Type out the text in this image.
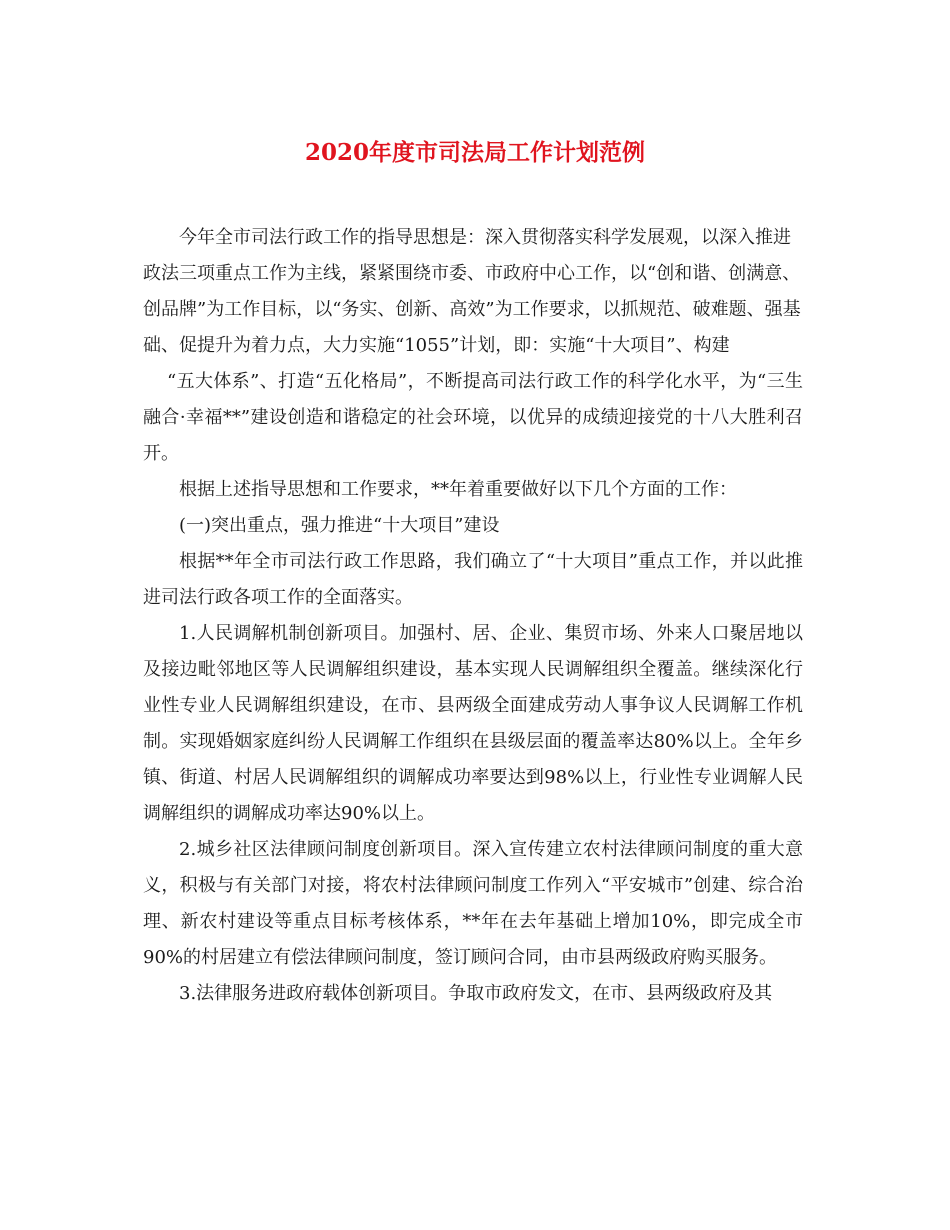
2020年度市司法局工作计划范例

今年全市司法行政工作的指导思想是：深入贯彻落实科学发展观，以深入推进政法三项重点工作为主线，紧紧围绕市委、市政府中心工作，以“创和谐、创满意、创品牌”为工作目标，以“务实、创新、高效”为工作要求，以抓规范、破难题、强基础、促提升为着力点，大力实施“1055”计划，即：实施“十大项目”、构建

“五大体系”、打造“五化格局”，不断提高司法行政工作的科学化水平，为“三生融合·幸福**”建设创造和谐稳定的社会环境，以优异的成绩迎接党的十八大胜利召开。

根据上述指导思想和工作要求，**年着重要做好以下几个方面的工作：

(一)突出重点，强力推进“十大项目”建设

根据**年全市司法行政工作思路，我们确立了“十大项目”重点工作，并以此推进司法行政各项工作的全面落实。

1.人民调解机制创新项目。加强村、居、企业、集贸市场、外来人口聚居地以及接边毗邻地区等人民调解组织建设，基本实现人民调解组织全覆盖。继续深化行业性专业人民调解组织建设，在市、县两级全面建成劳动人事争议人民调解工作机制。实现婚姻家庭纠纷人民调解工作组织在县级层面的覆盖率达80%以上。全年乡镇、街道、村居人民调解组织的调解成功率要达到98%以上，行业性专业调解人民调解组织的调解成功率达90%以上。

2.城乡社区法律顾问制度创新项目。深入宣传建立农村法律顾问制度的重大意义，积极与有关部门对接，将农村法律顾问制度工作列入“平安城市”创建、综合治理、新农村建设等重点目标考核体系，**年在去年基础上增加10%，即完成全市90%的村居建立有偿法律顾问制度，签订顾问合同，由市县两级政府购买服务。

3.法律服务进政府载体创新项目。争取市政府发文，在市、县两级政府及其
